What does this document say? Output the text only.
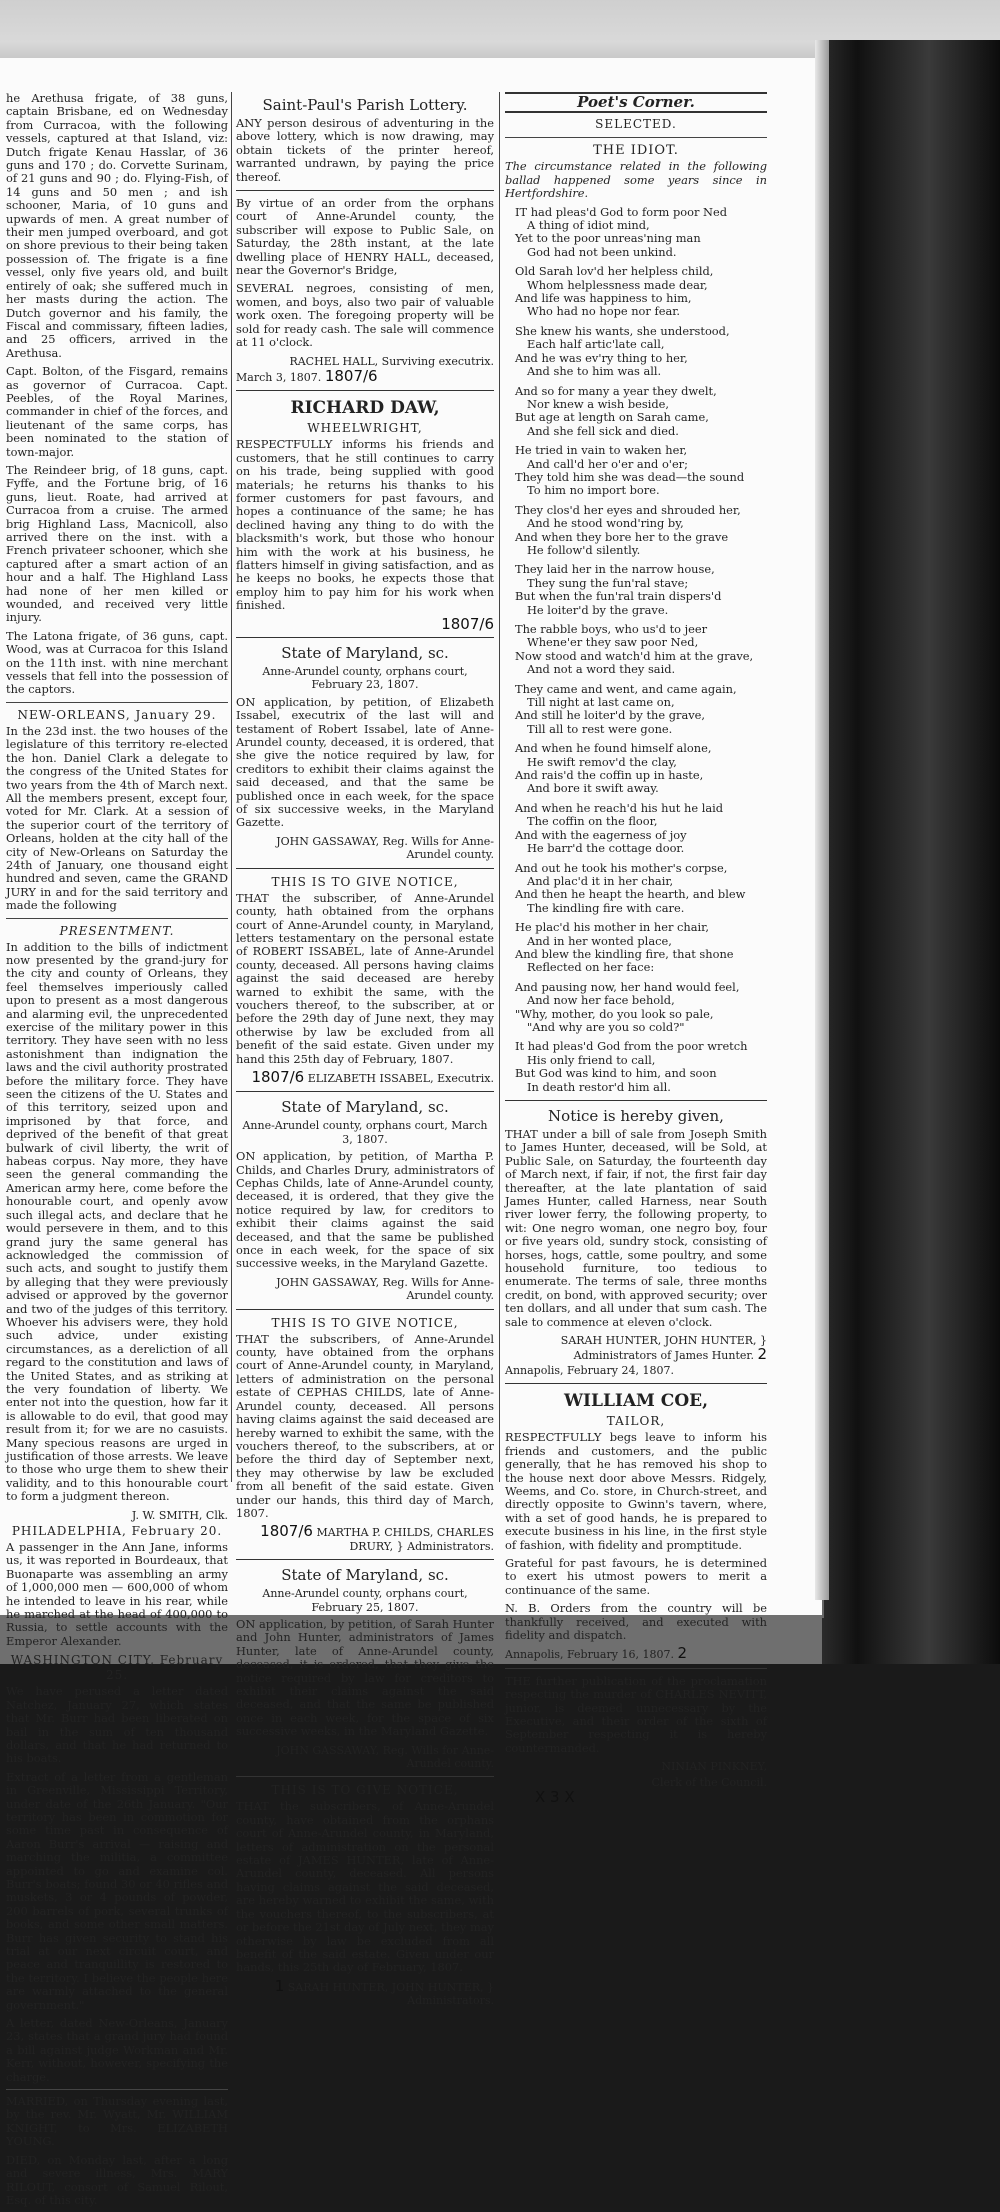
he Arethusa frigate, of 38 guns, captain Brisbane, ed on Wednesday from Curracoa, with the following vessels, captured at that Island, viz: Dutch frigate Kenau Hasslar, of 36 guns and 170 ; do. Corvette Surinam, of 21 guns and 90 ; do. Flying-Fish, of 14 guns and 50 men ; and ish schooner, Maria, of 10 guns and upwards of men. A great number of their men jumped overboard, and got on shore previous to their being taken possession of. The frigate is a fine vessel, only five years old, and built entirely of oak; she suffered much in her masts during the action. The Dutch governor and his family, the Fiscal and commissary, fifteen ladies, and 25 officers, arrived in the Arethusa.

Capt. Bolton, of the Fisgard, remains as governor of Curracoa. Capt. Peebles, of the Royal Marines, commander in chief of the forces, and lieutenant of the same corps, has been nominated to the station of town-major.

The Reindeer brig, of 18 guns, capt. Fyffe, and the Fortune brig, of 16 guns, lieut. Roate, had arrived at Curracoa from a cruise. The armed brig Highland Lass, Macnicoll, also arrived there on the inst. with a French privateer schooner, which she captured after a smart action of an hour and a half. The Highland Lass had none of her men killed or wounded, and received very little injury.

The Latona frigate, of 36 guns, capt. Wood, was at Curracoa for this Island on the 11th inst. with nine merchant vessels that fell into the possession of the captors.

NEW-ORLEANS, January 29.

In the 23d inst. the two houses of the legislature of this territory re-elected the hon. Daniel Clark a delegate to the congress of the United States for two years from the 4th of March next. All the members present, except four, voted for Mr. Clark. At a session of the superior court of the territory of Orleans, holden at the city hall of the city of New-Orleans on Saturday the 24th of January, one thousand eight hundred and seven, came the GRAND JURY in and for the said territory and made the following

PRESENTMENT.

In addition to the bills of indictment now presented by the grand-jury for the city and county of Orleans, they feel themselves imperiously called upon to present as a most dangerous and alarming evil, the unprecedented exercise of the military power in this territory. They have seen with no less astonishment than indignation the laws and the civil authority prostrated before the military force. They have seen the citizens of the U. States and of this territory, seized upon and imprisoned by that force, and deprived of the benefit of that great bulwark of civil liberty, the writ of habeas corpus. Nay more, they have seen the general commanding the American army here, come before the honourable court, and openly avow such illegal acts, and declare that he would persevere in them, and to this grand jury the same general has acknowledged the commission of such acts, and sought to justify them by alleging that they were previously advised or approved by the governor and two of the judges of this territory. Whoever his advisers were, they hold such advice, under existing circumstances, as a dereliction of all regard to the constitution and laws of the United States, and as striking at the very foundation of liberty. We enter not into the question, how far it is allowable to do evil, that good may result from it; for we are no casuists. Many specious reasons are urged in justification of those arrests. We leave to those who urge them to shew their validity, and to this honourable court to form a judgment thereon.

J. W. SMITH, Clk.
PHILADELPHIA, February 20.

A passenger in the Ann Jane, informs us, it was reported in Bourdeaux, that Buonaparte was assembling an army of 1,000,000 men — 600,000 of whom he intended to leave in his rear, while he marched at the head of 400,000 to Russia, to settle accounts with the Emperor Alexander.

WASHINGTON CITY, February 25.

We have perused a letter dated Natchez, January 27, which states that Mr. Burr had been liberated on bail in the sum of ten thousand dollars, and that he had returned to his boats.

Extract of a letter from a gentleman in Greenville, Mississippi Territory, under date of the 26th January. "Our territory has been in commotion for some time past in consequence of Aaron Burr's arrival — raising and marching the militia, a committee appointed to go and examine col. Burr's boats; found 30 or 40 rifles and muskets, 3 or 4 pounds of powder, 200 barrels of pork, several trunks of books, and some other small matters. Burr has given security to stand his trial at our next circuit court, and peace and tranquillity is restored to the territory. I believe the people here are warmly attached to the general government."

A letter, dated New-Orleans, January 23, states that a grand jury had found a bill against judge Workman and Mr. Kerr, without, however, specifying the charge.

MARRIED, on Thursday evening last, by the rev. Mr. Wyatt, Mr. WILLIAM KNIGHT, to Mrs. ELIZABETH YOUNG.

DIED, on Monday last, after a long and severe illness, Mrs. MARY RILOUT, consort of Samuel Rilout, Esq. of this city.

Saint-Paul's Parish Lottery.

ANY person desirous of adventuring in the above lottery, which is now drawing, may obtain tickets of the printer hereof, warranted undrawn, by paying the price thereof.

By virtue of an order from the orphans court of Anne-Arundel county, the subscriber will expose to Public Sale, on Saturday, the 28th instant, at the late dwelling place of HENRY HALL, deceased, near the Governor's Bridge,

SEVERAL negroes, consisting of men, women, and boys, also two pair of valuable work oxen. The foregoing property will be sold for ready cash. The sale will commence at 11 o'clock.

RACHEL HALL, Surviving executrix.
March 3, 1807. 1807/6
RICHARD DAW,
WHEELWRIGHT,

RESPECTFULLY informs his friends and customers, that he still continues to carry on his trade, being supplied with good materials; he returns his thanks to his former customers for past favours, and hopes a continuance of the same; he has declined having any thing to do with the blacksmith's work, but those who honour him with the work at his business, he flatters himself in giving satisfaction, and as he keeps no books, he expects those that employ him to pay him for his work when finished.

1807/6
State of Maryland, sc.
Anne-Arundel county, orphans court, February 23, 1807.

ON application, by petition, of Elizabeth Issabel, executrix of the last will and testament of Robert Issabel, late of Anne-Arundel county, deceased, it is ordered, that she give the notice required by law, for creditors to exhibit their claims against the said deceased, and that the same be published once in each week, for the space of six successive weeks, in the Maryland Gazette.

JOHN GASSAWAY, Reg. Wills for Anne-Arundel county.
THIS IS TO GIVE NOTICE,

THAT the subscriber, of Anne-Arundel county, hath obtained from the orphans court of Anne-Arundel county, in Maryland, letters testamentary on the personal estate of ROBERT ISSABEL, late of Anne-Arundel county, deceased. All persons having claims against the said deceased are hereby warned to exhibit the same, with the vouchers thereof, to the subscriber, at or before the 29th day of June next, they may otherwise by law be excluded from all benefit of the said estate. Given under my hand this 25th day of February, 1807.

1807/6 ELIZABETH ISSABEL, Executrix.
State of Maryland, sc.
Anne-Arundel county, orphans court, March 3, 1807.

ON application, by petition, of Martha P. Childs, and Charles Drury, administrators of Cephas Childs, late of Anne-Arundel county, deceased, it is ordered, that they give the notice required by law, for creditors to exhibit their claims against the said deceased, and that the same be published once in each week, for the space of six successive weeks, in the Maryland Gazette.

JOHN GASSAWAY, Reg. Wills for Anne-Arundel county.
THIS IS TO GIVE NOTICE,

THAT the subscribers, of Anne-Arundel county, have obtained from the orphans court of Anne-Arundel county, in Maryland, letters of administration on the personal estate of CEPHAS CHILDS, late of Anne-Arundel county, deceased. All persons having claims against the said deceased are hereby warned to exhibit the same, with the vouchers thereof, to the subscribers, at or before the third day of September next, they may otherwise by law be excluded from all benefit of the said estate. Given under our hands, this third day of March, 1807.

1807/6 MARTHA P. CHILDS, CHARLES DRURY, } Administrators.
State of Maryland, sc.
Anne-Arundel county, orphans court, February 25, 1807.

ON application, by petition, of Sarah Hunter and John Hunter, administrators of James Hunter, late of Anne-Arundel county, deceased, it is ordered, that they give the notice required by law for creditors to exhibit their claims against the said deceased, and that the same be published once in each week, for the space of six successive weeks, in the Maryland Gazette.

JOHN GASSAWAY, Reg. Wills for Anne-Arundel county.
THIS IS TO GIVE NOTICE,

THAT the subscribers, of Anne-Arundel county, have obtained from the orphans court of Anne-Arundel county, in Maryland, letters of administration on the personal estate of JAMES HUNTER, late of Anne-Arundel county, deceased. All persons having claims against the said deceased, are hereby warned to exhibit the same, with the vouchers thereof, to the subscribers, at or before the 21st day of July next, they may otherwise by law be excluded from all benefit of the said estate. Given under our hands, this 25th day of February, 1807.

1 SARAH HUNTER, JOHN HUNTER, } Administrators.
Poet's Corner.
SELECTED.
THE IDIOT.

The circumstance related in the following ballad happened some years since in Hertfordshire.

IT had pleas'd God to form poor Ned
A thing of idiot mind,
Yet to the poor unreas'ning man
God had not been unkind.
Old Sarah lov'd her helpless child,
Whom helplessness made dear,
And life was happiness to him,
Who had no hope nor fear.
She knew his wants, she understood,
Each half artic'late call,
And he was ev'ry thing to her,
And she to him was all.
And so for many a year they dwelt,
Nor knew a wish beside,
But age at length on Sarah came,
And she fell sick and died.
He tried in vain to waken her,
And call'd her o'er and o'er;
They told him she was dead—the sound
To him no import bore.
They clos'd her eyes and shrouded her,
And he stood wond'ring by,
And when they bore her to the grave
He follow'd silently.
They laid her in the narrow house,
They sung the fun'ral stave;
But when the fun'ral train dispers'd
He loiter'd by the grave.
The rabble boys, who us'd to jeer
Whene'er they saw poor Ned,
Now stood and watch'd him at the grave,
And not a word they said.
They came and went, and came again,
Till night at last came on,
And still he loiter'd by the grave,
Till all to rest were gone.
And when he found himself alone,
He swift remov'd the clay,
And rais'd the coffin up in haste,
And bore it swift away.
And when he reach'd his hut he laid
The coffin on the floor,
And with the eagerness of joy
He barr'd the cottage door.
And out he took his mother's corpse,
And plac'd it in her chair,
And then he heapt the hearth, and blew
The kindling fire with care.
He plac'd his mother in her chair,
And in her wonted place,
And blew the kindling fire, that shone
Reflected on her face:
And pausing now, her hand would feel,
And now her face behold,
"Why, mother, do you look so pale,
"And why are you so cold?"
It had pleas'd God from the poor wretch
His only friend to call,
But God was kind to him, and soon
In death restor'd him all.
Notice is hereby given,

THAT under a bill of sale from Joseph Smith to James Hunter, deceased, will be Sold, at Public Sale, on Saturday, the fourteenth day of March next, if fair, if not, the first fair day thereafter, at the late plantation of said James Hunter, called Harness, near South river lower ferry, the following property, to wit: One negro woman, one negro boy, four or five years old, sundry stock, consisting of horses, hogs, cattle, some poultry, and some household furniture, too tedious to enumerate. The terms of sale, three months credit, on bond, with approved security; over ten dollars, and all under that sum cash. The sale to commence at eleven o'clock.

SARAH HUNTER, JOHN HUNTER, } Administrators of James Hunter. 2
Annapolis, February 24, 1807.
WILLIAM COE,
TAILOR,

RESPECTFULLY begs leave to inform his friends and customers, and the public generally, that he has removed his shop to the house next door above Messrs. Ridgely, Weems, and Co. store, in Church-street, and directly opposite to Gwinn's tavern, where, with a set of good hands, he is prepared to execute business in his line, in the first style of fashion, with fidelity and promptitude.

Grateful for past favours, he is determined to exert his utmost powers to merit a continuance of the same.

N. B. Orders from the country will be thankfully received, and executed with fidelity and dispatch.

Annapolis, February 16, 1807. 2

THE further publication of the proclamation respecting the murder of CHARLES NEVITT, junior, is deemed unnecessary by the Executive, and their order of the sixth of September respecting it is hereby countermanded.

NINIAN PINKNEY,
Clerk of the Council.
X 3 X
